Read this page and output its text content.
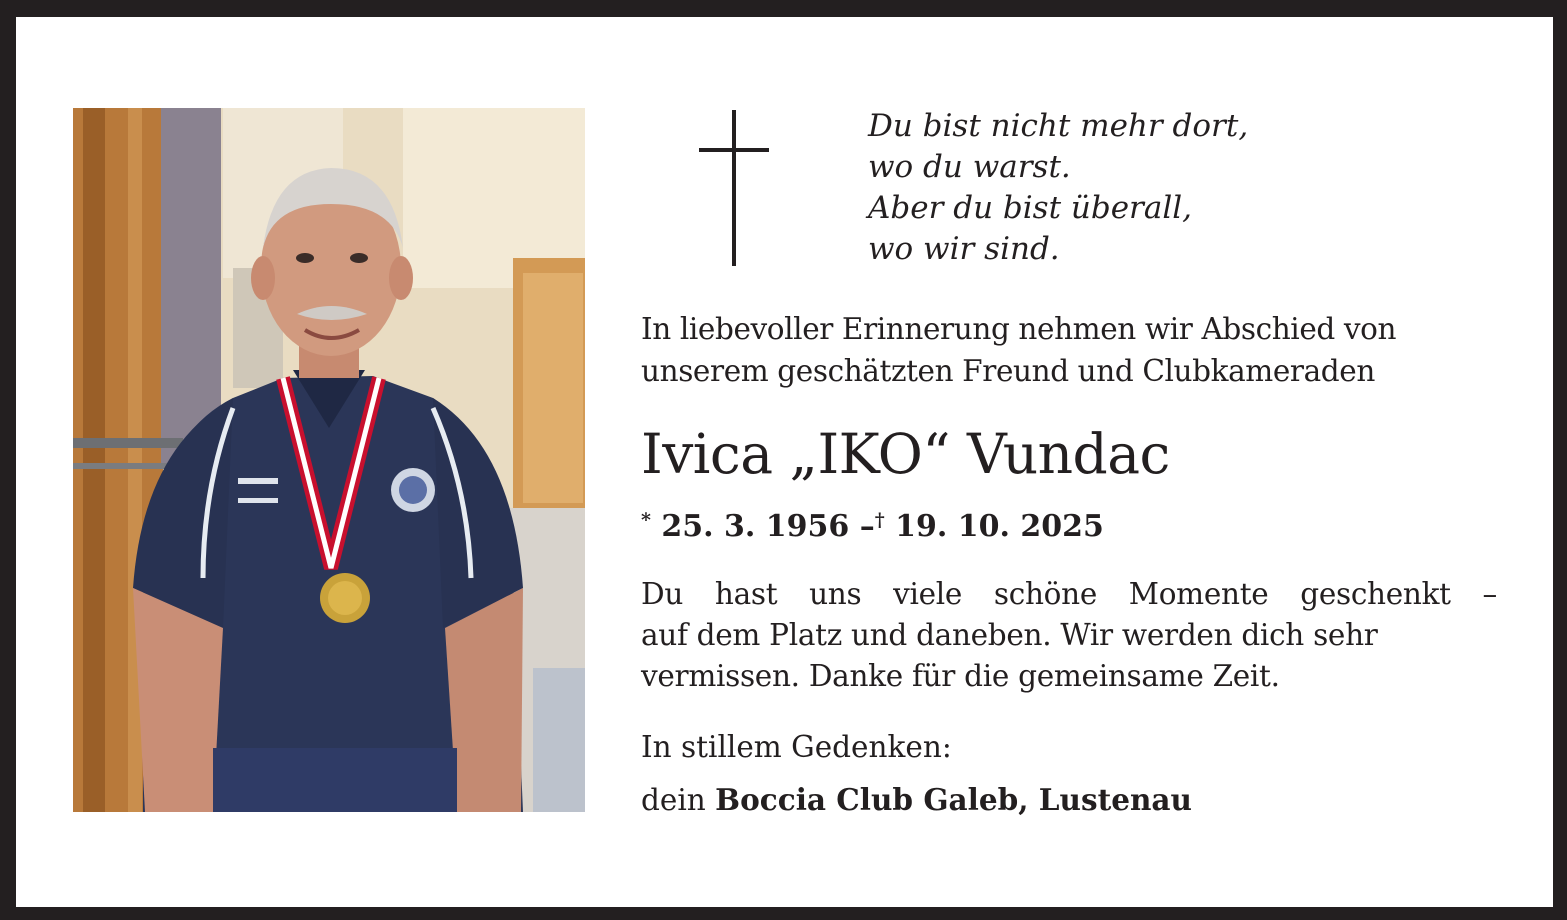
Du bist nicht mehr dort,
wo du warst.
Aber du bist überall,
wo wir sind.
In liebevoller Erinnerung nehmen wir Abschied von
unserem geschätzten Freund und Clubkameraden
Ivica „IKO“ Vundac
* 25. 3. 1956 –† 19. 10. 2025
Du hast uns viele schöne Momente geschenkt –
auf dem Platz und daneben. Wir werden dich sehr
vermissen. Danke für die gemeinsame Zeit.
In stillem Gedenken:
dein Boccia Club Galeb, Lustenau
